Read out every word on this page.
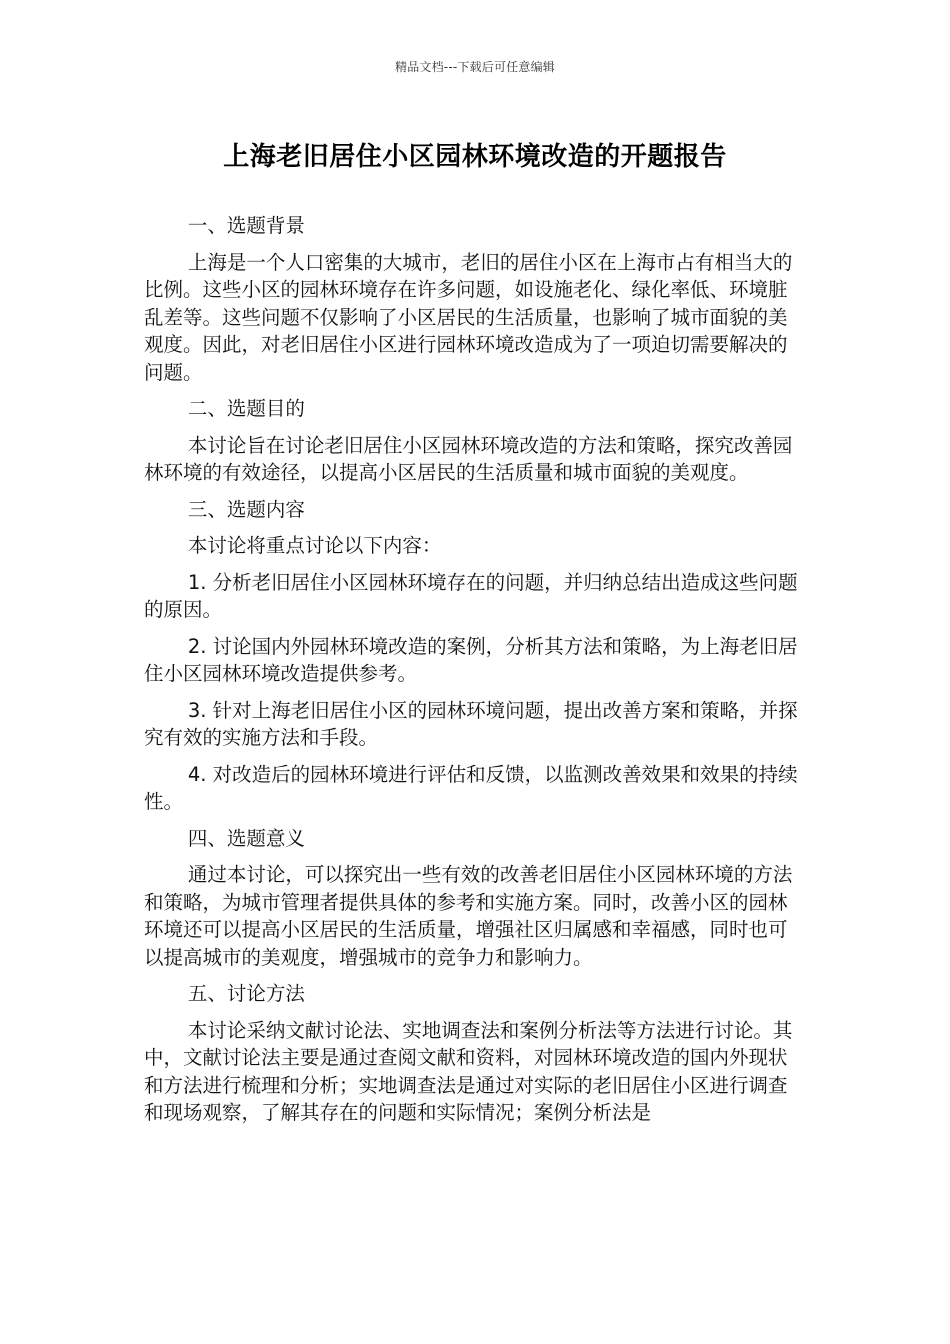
精品文档---下载后可任意编辑
上海老旧居住小区园林环境改造的开题报告

一、选题背景

上海是一个人口密集的大城市，老旧的居住小区在上海市占有相当大的比例。这些小区的园林环境存在许多问题，如设施老化、绿化率低、环境脏乱差等。这些问题不仅影响了小区居民的生活质量，也影响了城市面貌的美观度。因此，对老旧居住小区进行园林环境改造成为了一项迫切需要解决的问题。

二、选题目的

本讨论旨在讨论老旧居住小区园林环境改造的方法和策略，探究改善园林环境的有效途径，以提高小区居民的生活质量和城市面貌的美观度。

三、选题内容

本讨论将重点讨论以下内容：

1. 分析老旧居住小区园林环境存在的问题，并归纳总结出造成这些问题的原因。

2. 讨论国内外园林环境改造的案例，分析其方法和策略，为上海老旧居住小区园林环境改造提供参考。

3. 针对上海老旧居住小区的园林环境问题，提出改善方案和策略，并探究有效的实施方法和手段。

4. 对改造后的园林环境进行评估和反馈，以监测改善效果和效果的持续性。

四、选题意义

通过本讨论，可以探究出一些有效的改善老旧居住小区园林环境的方法和策略，为城市管理者提供具体的参考和实施方案。同时，改善小区的园林环境还可以提高小区居民的生活质量，增强社区归属感和幸福感，同时也可以提高城市的美观度，增强城市的竞争力和影响力。

五、讨论方法

本讨论采纳文献讨论法、实地调查法和案例分析法等方法进行讨论。其中，文献讨论法主要是通过查阅文献和资料，对园林环境改造的国内外现状和方法进行梳理和分析；实地调查法是通过对实际的老旧居住小区进行调查和现场观察，了解其存在的问题和实际情况；案例分析法是
